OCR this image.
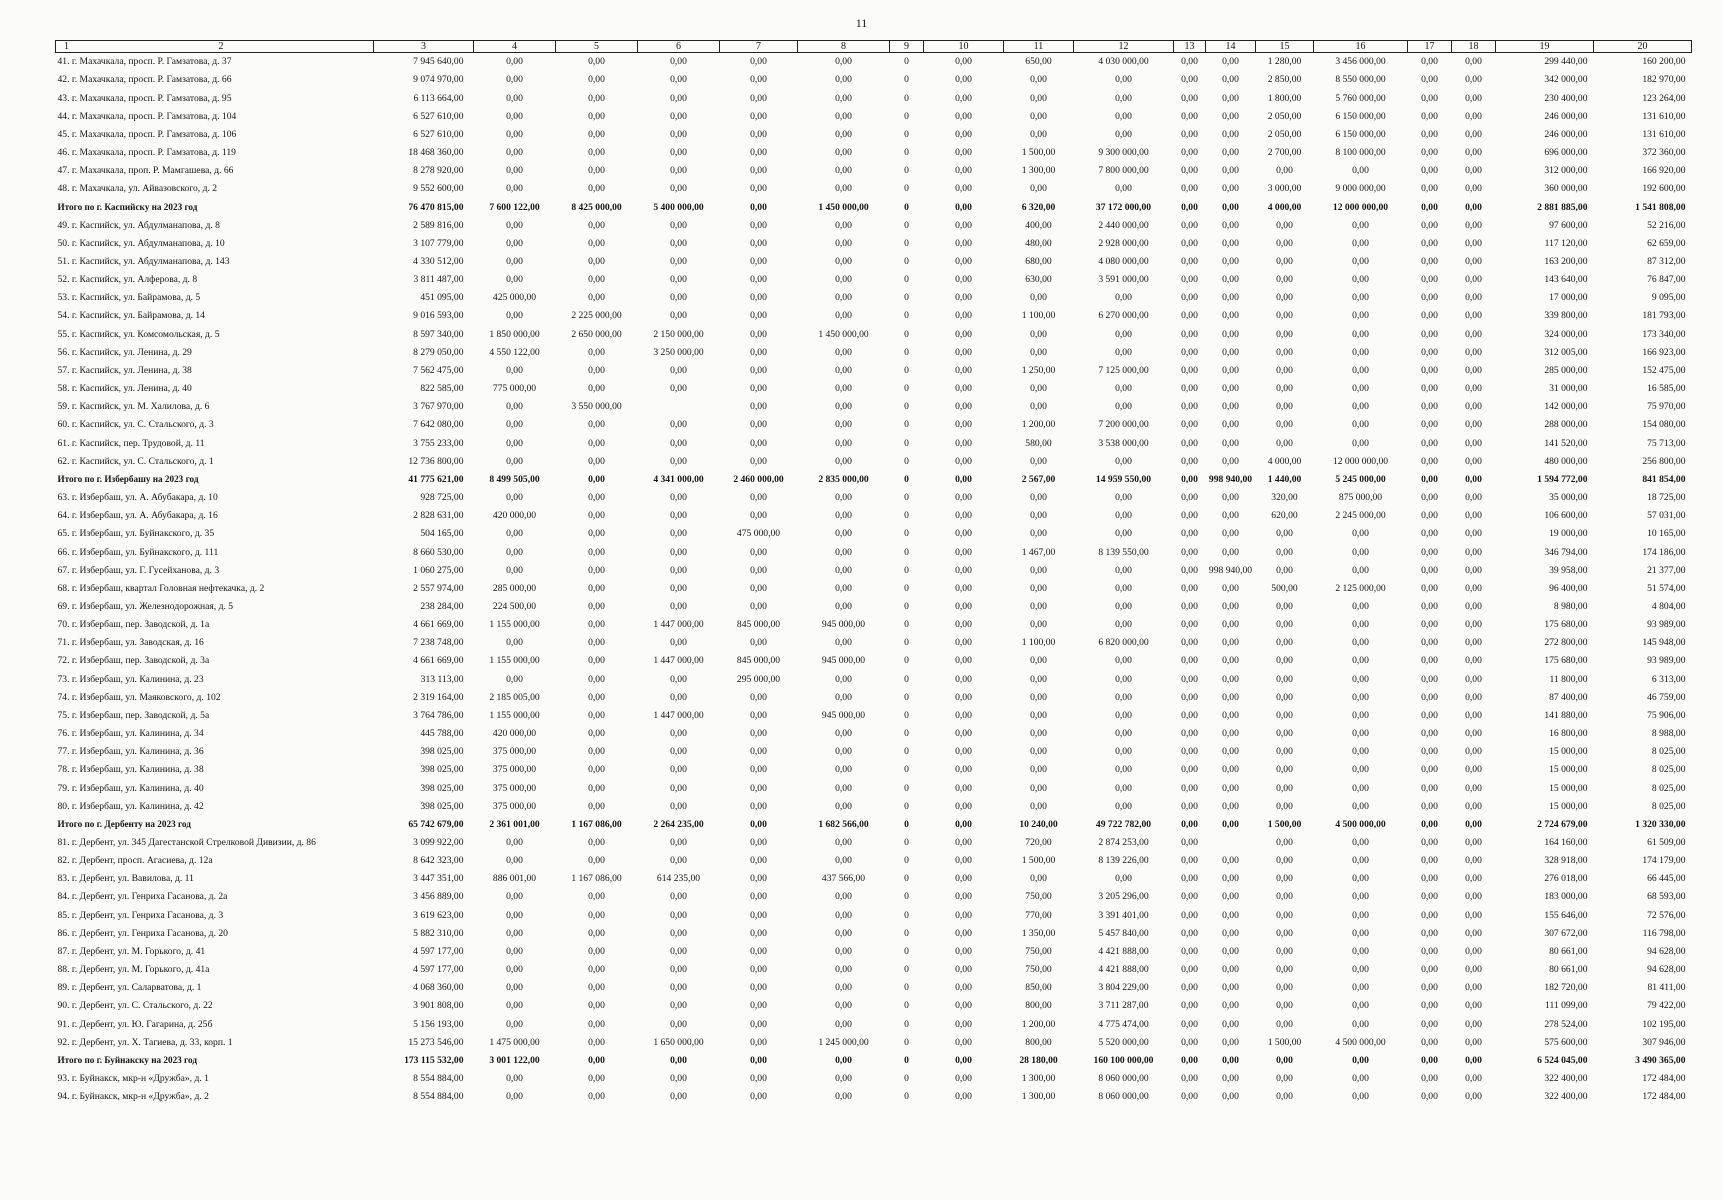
11
1 2	3	4	5	6	7	8	9	10	11	12	13	14	15	16	17	18	19	20
41. г. Махачкала, просп. Р. Гамзатова, д. 37	7 945 640,00	0,00	0,00	0,00	0,00	0,00	0	0,00	650,00	4 030 000,00	0,00	0,00	1 280,00	3 456 000,00	0,00	0,00	299 440,00	160 200,00
42. г. Махачкала, просп. Р. Гамзатова, д. 66	9 074 970,00	0,00	0,00	0,00	0,00	0,00	0	0,00	0,00	0,00	0,00	0,00	2 850,00	8 550 000,00	0,00	0,00	342 000,00	182 970,00
43. г. Махачкала, просп. Р. Гамзатова, д. 95	6 113 664,00	0,00	0,00	0,00	0,00	0,00	0	0,00	0,00	0,00	0,00	0,00	1 800,00	5 760 000,00	0,00	0,00	230 400,00	123 264,00
44. г. Махачкала, просп. Р. Гамзатова, д. 104	6 527 610,00	0,00	0,00	0,00	0,00	0,00	0	0,00	0,00	0,00	0,00	0,00	2 050,00	6 150 000,00	0,00	0,00	246 000,00	131 610,00
45. г. Махачкала, просп. Р. Гамзатова, д. 106	6 527 610,00	0,00	0,00	0,00	0,00	0,00	0	0,00	0,00	0,00	0,00	0,00	2 050,00	6 150 000,00	0,00	0,00	246 000,00	131 610,00
46. г. Махачкала, просп. Р. Гамзатова, д. 119	18 468 360,00	0,00	0,00	0,00	0,00	0,00	0	0,00	1 500,00	9 300 000,00	0,00	0,00	2 700,00	8 100 000,00	0,00	0,00	696 000,00	372 360,00
47. г. Махачкала, проп. Р. Мамгашева, д. 66	8 278 920,00	0,00	0,00	0,00	0,00	0,00	0	0,00	1 300,00	7 800 000,00	0,00	0,00	0,00	0,00	0,00	0,00	312 000,00	166 920,00
48. г. Махачкала, ул. Айвазовского, д. 2	9 552 600,00	0,00	0,00	0,00	0,00	0,00	0	0,00	0,00	0,00	0,00	0,00	3 000,00	9 000 000,00	0,00	0,00	360 000,00	192 600,00
Итого по г. Каспийску на 2023 год	76 470 815,00	7 600 122,00	8 425 000,00	5 400 000,00	0,00	1 450 000,00	0	0,00	6 320,00	37 172 000,00	0,00	0,00	4 000,00	12 000 000,00	0,00	0,00	2 881 885,00	1 541 808,00
49. г. Каспийск, ул. Абдулманапова, д. 8	2 589 816,00	0,00	0,00	0,00	0,00	0,00	0	0,00	400,00	2 440 000,00	0,00	0,00	0,00	0,00	0,00	0,00	97 600,00	52 216,00
50. г. Каспийск, ул. Абдулманапова, д. 10	3 107 779,00	0,00	0,00	0,00	0,00	0,00	0	0,00	480,00	2 928 000,00	0,00	0,00	0,00	0,00	0,00	0,00	117 120,00	62 659,00
51. г. Каспийск, ул. Абдулманапова, д. 143	4 330 512,00	0,00	0,00	0,00	0,00	0,00	0	0,00	680,00	4 080 000,00	0,00	0,00	0,00	0,00	0,00	0,00	163 200,00	87 312,00
52. г. Каспийск, ул. Алферова, д. 8	3 811 487,00	0,00	0,00	0,00	0,00	0,00	0	0,00	630,00	3 591 000,00	0,00	0,00	0,00	0,00	0,00	0,00	143 640,00	76 847,00
53. г. Каспийск, ул. Байрамова, д. 5	451 095,00	425 000,00	0,00	0,00	0,00	0,00	0	0,00	0,00	0,00	0,00	0,00	0,00	0,00	0,00	0,00	17 000,00	9 095,00
54. г. Каспийск, ул. Байрамова, д. 14	9 016 593,00	0,00	2 225 000,00	0,00	0,00	0,00	0	0,00	1 100,00	6 270 000,00	0,00	0,00	0,00	0,00	0,00	0,00	339 800,00	181 793,00
55. г. Каспийск, ул. Комсомольская, д. 5	8 597 340,00	1 850 000,00	2 650 000,00	2 150 000,00	0,00	1 450 000,00	0	0,00	0,00	0,00	0,00	0,00	0,00	0,00	0,00	0,00	324 000,00	173 340,00
56. г. Каспийск, ул. Ленина, д. 29	8 279 050,00	4 550 122,00	0,00	3 250 000,00	0,00	0,00	0	0,00	0,00	0,00	0,00	0,00	0,00	0,00	0,00	0,00	312 005,00	166 923,00
57. г. Каспийск, ул. Ленина, д. 38	7 562 475,00	0,00	0,00	0,00	0,00	0,00	0	0,00	1 250,00	7 125 000,00	0,00	0,00	0,00	0,00	0,00	0,00	285 000,00	152 475,00
58. г. Каспийск, ул. Ленина, д. 40	822 585,00	775 000,00	0,00	0,00	0,00	0,00	0	0,00	0,00	0,00	0,00	0,00	0,00	0,00	0,00	0,00	31 000,00	16 585,00
59. г. Каспийск, ул. М. Халилова, д. 6	3 767 970,00	0,00	3 550 000,00		0,00	0,00	0	0,00	0,00	0,00	0,00	0,00	0,00	0,00	0,00	0,00	142 000,00	75 970,00
60. г. Каспийск, ул. С. Стальского, д. 3	7 642 080,00	0,00	0,00	0,00	0,00	0,00	0	0,00	1 200,00	7 200 000,00	0,00	0,00	0,00	0,00	0,00	0,00	288 000,00	154 080,00
61. г. Каспийск, пер. Трудовой, д. 11	3 755 233,00	0,00	0,00	0,00	0,00	0,00	0	0,00	580,00	3 538 000,00	0,00	0,00	0,00	0,00	0,00	0,00	141 520,00	75 713,00
62. г. Каспийск, ул. С. Стальского, д. 1	12 736 800,00	0,00	0,00	0,00	0,00	0,00	0	0,00	0,00	0,00	0,00	0,00	4 000,00	12 000 000,00	0,00	0,00	480 000,00	256 800,00
Итого по г. Избербашу на 2023 год	41 775 621,00	8 499 505,00	0,00	4 341 000,00	2 460 000,00	2 835 000,00	0	0,00	2 567,00	14 959 550,00	0,00	998 940,00	1 440,00	5 245 000,00	0,00	0,00	1 594 772,00	841 854,00
63. г. Избербаш, ул. А. Абубакара, д. 10	928 725,00	0,00	0,00	0,00	0,00	0,00	0	0,00	0,00	0,00	0,00	0,00	320,00	875 000,00	0,00	0,00	35 000,00	18 725,00
64. г. Избербаш, ул. А. Абубакара, д. 16	2 828 631,00	420 000,00	0,00	0,00	0,00	0,00	0	0,00	0,00	0,00	0,00	0,00	620,00	2 245 000,00	0,00	0,00	106 600,00	57 031,00
65. г. Избербаш, ул. Буйнакского, д. 35	504 165,00	0,00	0,00	0,00	475 000,00	0,00	0	0,00	0,00	0,00	0,00	0,00	0,00	0,00	0,00	0,00	19 000,00	10 165,00
66. г. Избербаш, ул. Буйнакского, д. 111	8 660 530,00	0,00	0,00	0,00	0,00	0,00	0	0,00	1 467,00	8 139 550,00	0,00	0,00	0,00	0,00	0,00	0,00	346 794,00	174 186,00
67. г. Избербаш, ул. Г. Гусейханова, д. 3	1 060 275,00	0,00	0,00	0,00	0,00	0,00	0	0,00	0,00	0,00	0,00	998 940,00	0,00	0,00	0,00	0,00	39 958,00	21 377,00
68. г. Избербаш, квартал Головная нефтекачка, д. 2	2 557 974,00	285 000,00	0,00	0,00	0,00	0,00	0	0,00	0,00	0,00	0,00	0,00	500,00	2 125 000,00	0,00	0,00	96 400,00	51 574,00
69. г. Избербаш, ул. Железнодорожная, д. 5	238 284,00	224 500,00	0,00	0,00	0,00	0,00	0	0,00	0,00	0,00	0,00	0,00	0,00	0,00	0,00	0,00	8 980,00	4 804,00
70. г. Избербаш, пер. Заводской, д. 1а	4 661 669,00	1 155 000,00	0,00	1 447 000,00	845 000,00	945 000,00	0	0,00	0,00	0,00	0,00	0,00	0,00	0,00	0,00	0,00	175 680,00	93 989,00
71. г. Избербаш, ул. Заводская, д. 16	7 238 748,00	0,00	0,00	0,00	0,00	0,00	0	0,00	1 100,00	6 820 000,00	0,00	0,00	0,00	0,00	0,00	0,00	272 800,00	145 948,00
72. г. Избербаш, пер. Заводской, д. 3а	4 661 669,00	1 155 000,00	0,00	1 447 000,00	845 000,00	945 000,00	0	0,00	0,00	0,00	0,00	0,00	0,00	0,00	0,00	0,00	175 680,00	93 989,00
73. г. Избербаш, ул. Калинина, д. 23	313 113,00	0,00	0,00	0,00	295 000,00	0,00	0	0,00	0,00	0,00	0,00	0,00	0,00	0,00	0,00	0,00	11 800,00	6 313,00
74. г. Избербаш, ул. Маяковского, д. 102	2 319 164,00	2 185 005,00	0,00	0,00	0,00	0,00	0	0,00	0,00	0,00	0,00	0,00	0,00	0,00	0,00	0,00	87 400,00	46 759,00
75. г. Избербаш, пер. Заводской, д. 5а	3 764 786,00	1 155 000,00	0,00	1 447 000,00	0,00	945 000,00	0	0,00	0,00	0,00	0,00	0,00	0,00	0,00	0,00	0,00	141 880,00	75 906,00
76. г. Избербаш, ул. Калинина, д. 34	445 788,00	420 000,00	0,00	0,00	0,00	0,00	0	0,00	0,00	0,00	0,00	0,00	0,00	0,00	0,00	0,00	16 800,00	8 988,00
77. г. Избербаш, ул. Калинина, д. 36	398 025,00	375 000,00	0,00	0,00	0,00	0,00	0	0,00	0,00	0,00	0,00	0,00	0,00	0,00	0,00	0,00	15 000,00	8 025,00
78. г. Избербаш, ул. Калинина, д. 38	398 025,00	375 000,00	0,00	0,00	0,00	0,00	0	0,00	0,00	0,00	0,00	0,00	0,00	0,00	0,00	0,00	15 000,00	8 025,00
79. г. Избербаш, ул. Калинина, д. 40	398 025,00	375 000,00	0,00	0,00	0,00	0,00	0	0,00	0,00	0,00	0,00	0,00	0,00	0,00	0,00	0,00	15 000,00	8 025,00
80. г. Избербаш, ул. Калинина, д. 42	398 025,00	375 000,00	0,00	0,00	0,00	0,00	0	0,00	0,00	0,00	0,00	0,00	0,00	0,00	0,00	0,00	15 000,00	8 025,00
Итого по г. Дербенту на 2023 год	65 742 679,00	2 361 001,00	1 167 086,00	2 264 235,00	0,00	1 682 566,00	0	0,00	10 240,00	49 722 782,00	0,00	0,00	1 500,00	4 500 000,00	0,00	0,00	2 724 679,00	1 320 330,00
81. г. Дербент, ул. 345 Дагестанской Стрелковой Дивизии, д. 86	3 099 922,00	0,00	0,00	0,00	0,00	0,00	0	0,00	720,00	2 874 253,00	0,00		0,00	0,00	0,00	0,00	164 160,00	61 509,00
82. г. Дербент, просп. Агасиева, д. 12а	8 642 323,00	0,00	0,00	0,00	0,00	0,00	0	0,00	1 500,00	8 139 226,00	0,00	0,00	0,00	0,00	0,00	0,00	328 918,00	174 179,00
83. г. Дербент, ул. Вавилова, д. 11	3 447 351,00	886 001,00	1 167 086,00	614 235,00	0,00	437 566,00	0	0,00	0,00	0,00	0,00	0,00	0,00	0,00	0,00	0,00	276 018,00	66 445,00
84. г. Дербент, ул. Генриха Гасанова, д. 2а	3 456 889,00	0,00	0,00	0,00	0,00	0,00	0	0,00	750,00	3 205 296,00	0,00	0,00	0,00	0,00	0,00	0,00	183 000,00	68 593,00
85. г. Дербент, ул. Генриха Гасанова, д. 3	3 619 623,00	0,00	0,00	0,00	0,00	0,00	0	0,00	770,00	3 391 401,00	0,00	0,00	0,00	0,00	0,00	0,00	155 646,00	72 576,00
86. г. Дербент, ул. Генриха Гасанова, д. 20	5 882 310,00	0,00	0,00	0,00	0,00	0,00	0	0,00	1 350,00	5 457 840,00	0,00	0,00	0,00	0,00	0,00	0,00	307 672,00	116 798,00
87. г. Дербент, ул. М. Горького, д. 41	4 597 177,00	0,00	0,00	0,00	0,00	0,00	0	0,00	750,00	4 421 888,00	0,00	0,00	0,00	0,00	0,00	0,00	80 661,00	94 628,00
88. г. Дербент, ул. М. Горького, д. 41а	4 597 177,00	0,00	0,00	0,00	0,00	0,00	0	0,00	750,00	4 421 888,00	0,00	0,00	0,00	0,00	0,00	0,00	80 661,00	94 628,00
89. г. Дербент, ул. Саларватова, д. 1	4 068 360,00	0,00	0,00	0,00	0,00	0,00	0	0,00	850,00	3 804 229,00	0,00	0,00	0,00	0,00	0,00	0,00	182 720,00	81 411,00
90. г. Дербент, ул. С. Стальского, д. 22	3 901 808,00	0,00	0,00	0,00	0,00	0,00	0	0,00	800,00	3 711 287,00	0,00	0,00	0,00	0,00	0,00	0,00	111 099,00	79 422,00
91. г. Дербент, ул. Ю. Гагарина, д. 25б	5 156 193,00	0,00	0,00	0,00	0,00	0,00	0	0,00	1 200,00	4 775 474,00	0,00	0,00	0,00	0,00	0,00	0,00	278 524,00	102 195,00
92. г. Дербент, ул. Х. Тагиева, д. 33, корп. 1	15 273 546,00	1 475 000,00	0,00	1 650 000,00	0,00	1 245 000,00	0	0,00	800,00	5 520 000,00	0,00	0,00	1 500,00	4 500 000,00	0,00	0,00	575 600,00	307 946,00
Итого по г. Буйнакску на 2023 год	173 115 532,00	3 001 122,00	0,00	0,00	0,00	0,00	0	0,00	28 180,00	160 100 000,00	0,00	0,00	0,00	0,00	0,00	0,00	6 524 045,00	3 490 365,00
93. г. Буйнакск, мкр-н «Дружба», д. 1	8 554 884,00	0,00	0,00	0,00	0,00	0,00	0	0,00	1 300,00	8 060 000,00	0,00	0,00	0,00	0,00	0,00	0,00	322 400,00	172 484,00
94. г. Буйнакск, мкр-н «Дружба», д. 2	8 554 884,00	0,00	0,00	0,00	0,00	0,00	0	0,00	1 300,00	8 060 000,00	0,00	0,00	0,00	0,00	0,00	0,00	322 400,00	172 484,00
